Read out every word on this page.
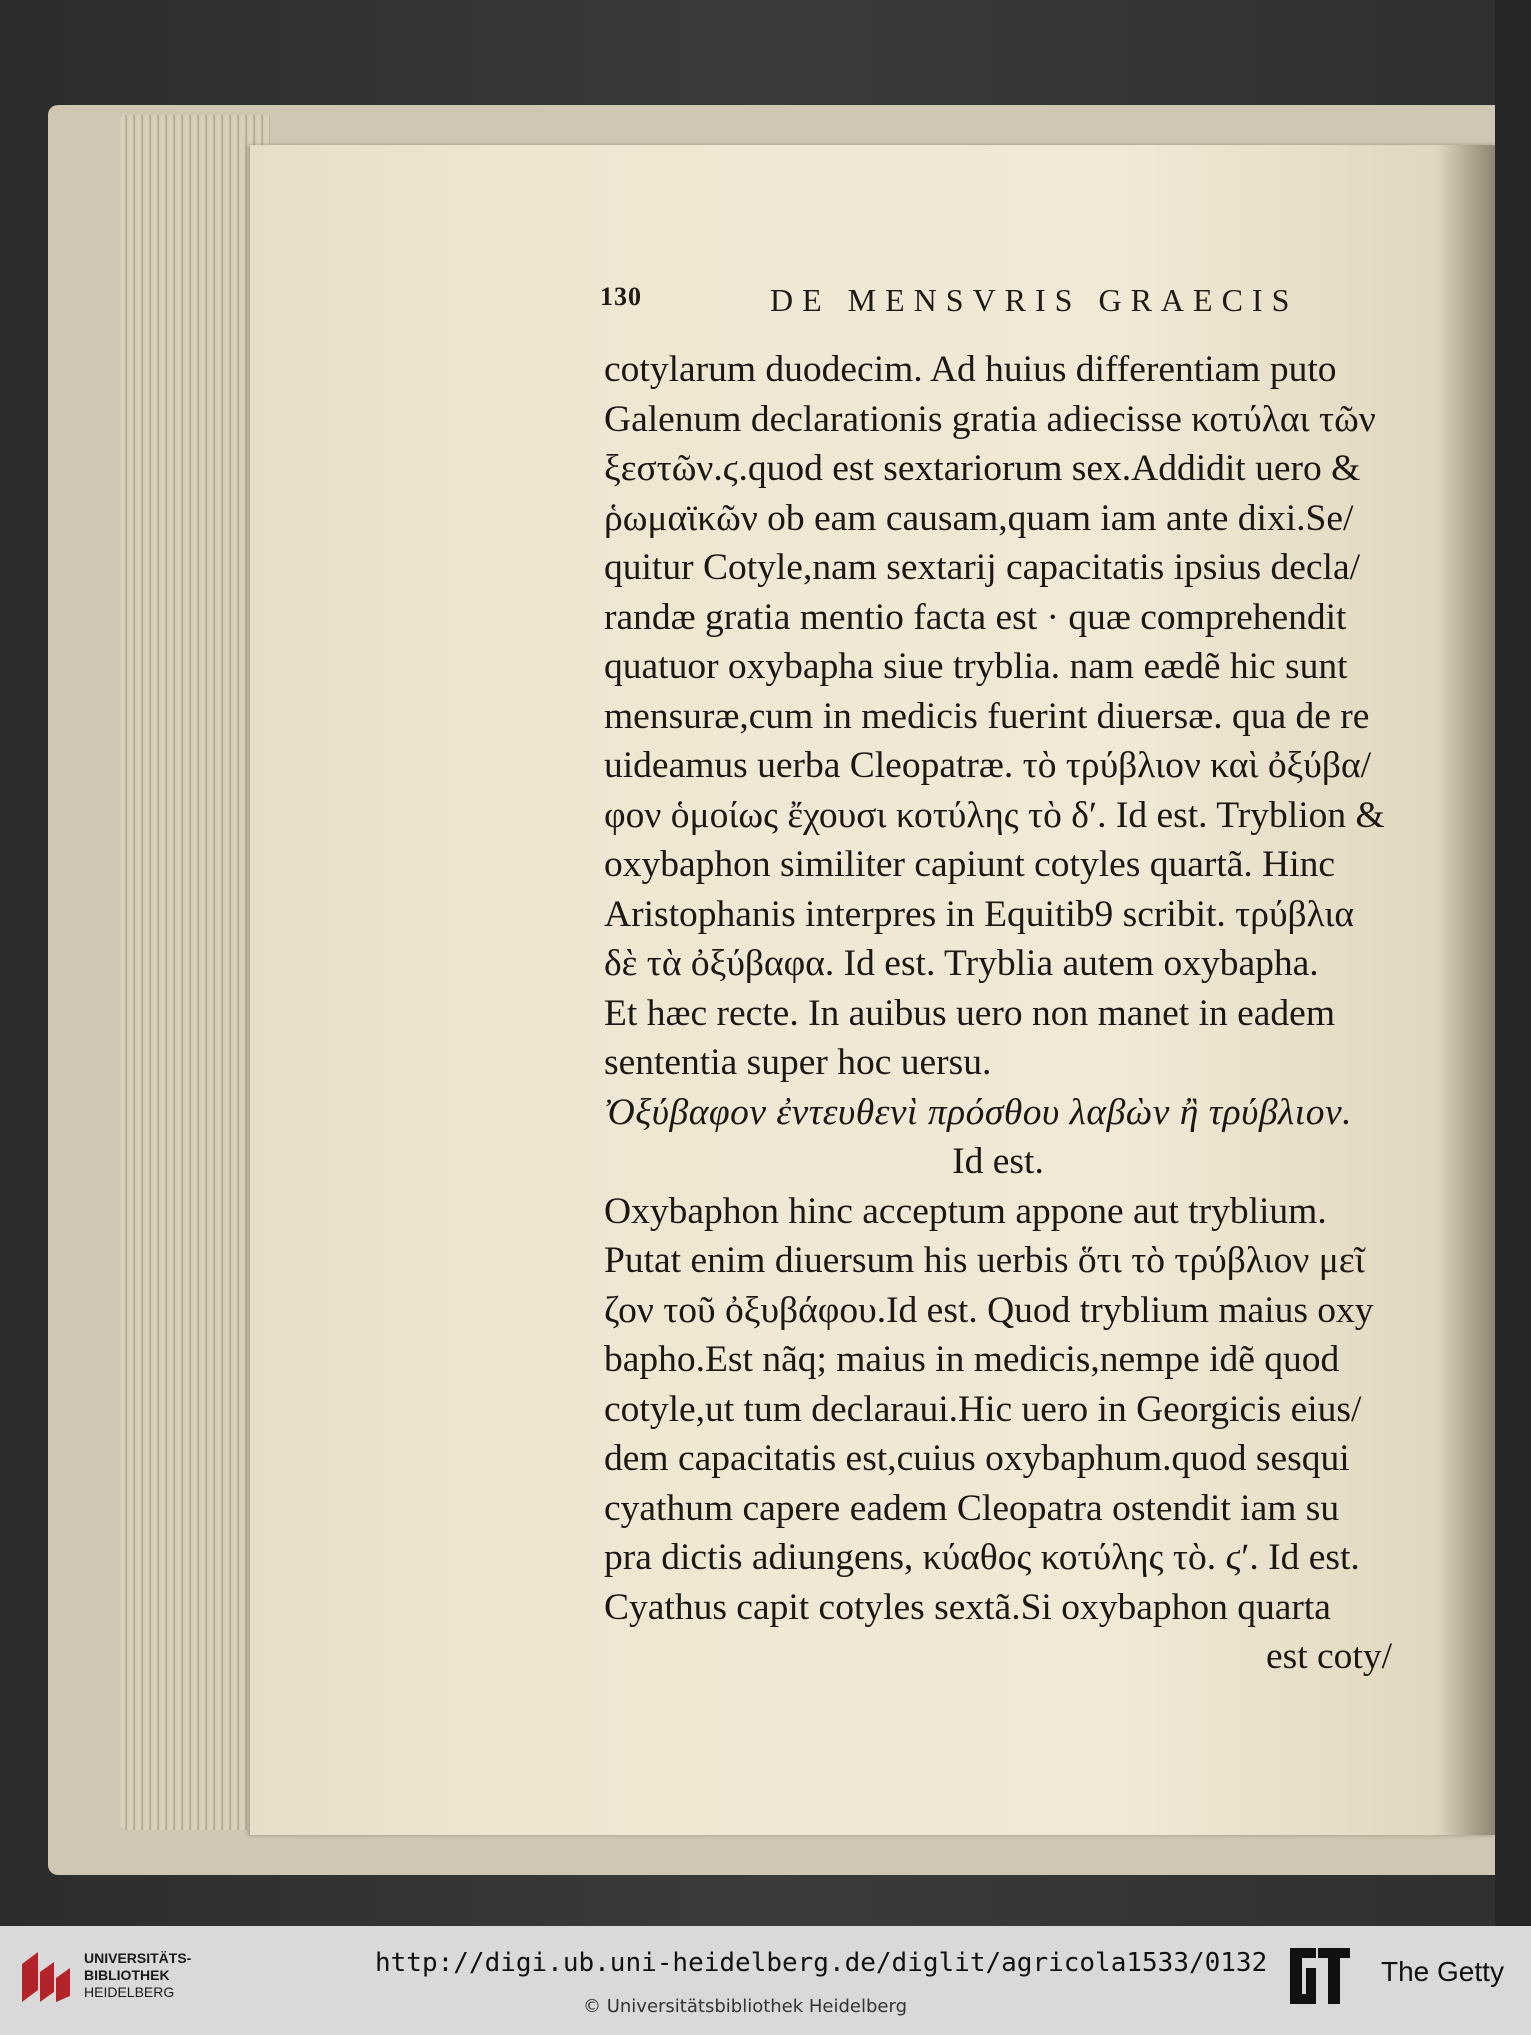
130	DE MENSVRIS GRAECIS
cotylarum duodecim. Ad huius differentiam puto
Galenum declarationis gratia adiecisse κοτύλαι τῶν
ξεστῶν.ϛ.quod est sextariorum sex.Addidit uero &
ῥωμαϊκῶν ob eam causam,quam iam ante dixi.Se/
quitur Cotyle,nam sextarij capacitatis ipsius decla/
randæ gratia mentio facta est · quæ comprehendit
quatuor oxybapha siue tryblia. nam eædẽ hic sunt
mensuræ,cum in medicis fuerint diuersæ. qua de re
uideamus uerba Cleopatræ. τὸ τρύβλιον καὶ ὀξύβα/
φον ὁμοίως ἔχουσι κοτύλης τὸ δʹ. Id est. Tryblion &
oxybaphon similiter capiunt cotyles quartã. Hinc
Aristophanis interpres in Equitib9 scribit. τρύβλια
δὲ τὰ ὀξύβαφα. Id est. Tryblia autem oxybapha.
Et hæc recte. In auibus uero non manet in eadem
sententia super hoc uersu.
Ὀξύβαφον ἐντευθενὶ πρόσθου λαβὼν ἢ τρύβλιον.
Id est.
Oxybaphon hinc acceptum appone aut tryblium.
Putat enim diuersum his uerbis ὅτι τὸ τρύβλιον μεῖ
ζον τοῦ ὀξυβάφου.Id est. Quod tryblium maius oxy
bapho.Est nãq; maius in medicis,nempe idẽ quod
cotyle,ut tum declaraui.Hic uero in Georgicis eius/
dem capacitatis est,cuius oxybaphum.quod sesqui
cyathum capere eadem Cleopatra ostendit iam su
pra dictis adiungens, κύαθος κοτύλης τὸ. ϛʹ. Id est.
Cyathus capit cotyles sextã.Si oxybaphon quarta
est coty/
UNIVERSITÄTS-
BIBLIOTHEK
HEIDELBERG
http://digi.ub.uni-heidelberg.de/diglit/agricola1533/0132
© Universitätsbibliothek Heidelberg
The Getty
